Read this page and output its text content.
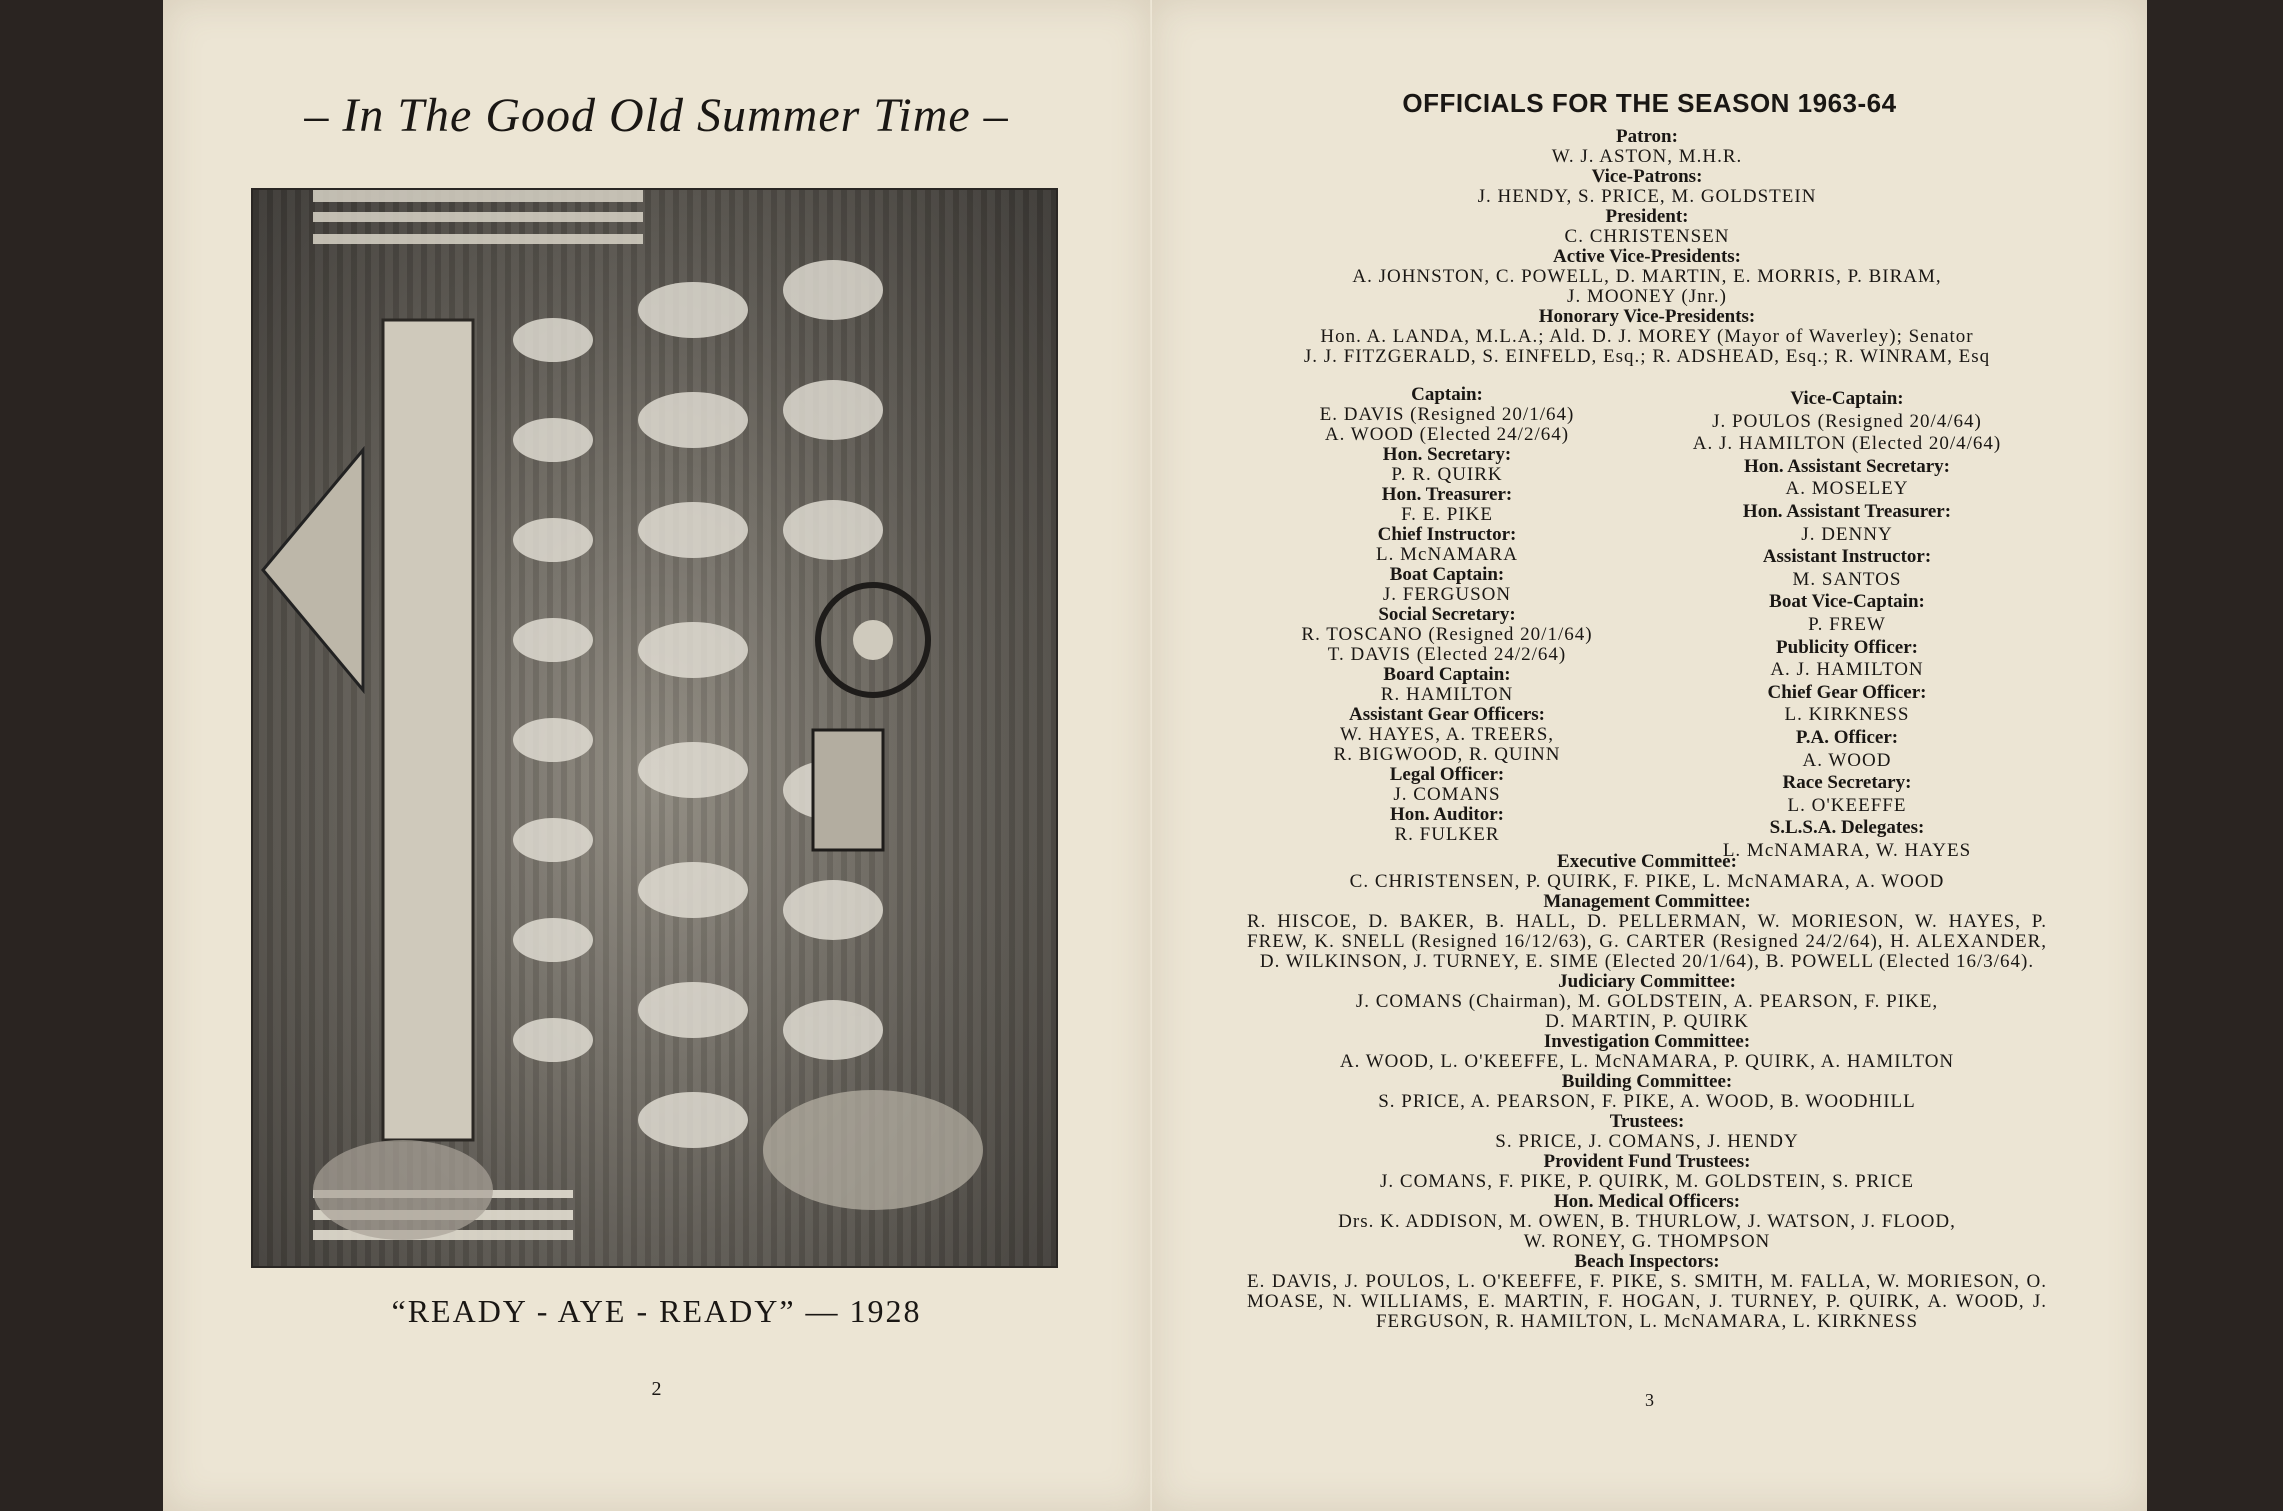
– In The Good Old Summer Time –
“READY - AYE - READY” — 1928
2
OFFICIALS FOR THE SEASON 1963-64
Patron:
W. J. ASTON, M.H.R.
Vice-Patrons:
J. HENDY, S. PRICE, M. GOLDSTEIN
President:
C. CHRISTENSEN
Active Vice-Presidents:
A. JOHNSTON, C. POWELL, D. MARTIN, E. MORRIS, P. BIRAM,
J. MOONEY (Jnr.)
Honorary Vice-Presidents:
Hon. A. LANDA, M.L.A.; Ald. D. J. MOREY (Mayor of Waverley); Senator
J. J. FITZGERALD, S. EINFELD, Esq.; R. ADSHEAD, Esq.; R. WINRAM, Esq
Captain:
E. DAVIS (Resigned 20/1/64)
A. WOOD (Elected 24/2/64)
Hon. Secretary:
P. R. QUIRK
Hon. Treasurer:
F. E. PIKE
Chief Instructor:
L. McNAMARA
Boat Captain:
J. FERGUSON
Social Secretary:
R. TOSCANO (Resigned 20/1/64)
T. DAVIS (Elected 24/2/64)
Board Captain:
R. HAMILTON
Assistant Gear Officers:
W. HAYES, A. TREERS,
R. BIGWOOD, R. QUINN
Legal Officer:
J. COMANS
Hon. Auditor:
R. FULKER
Vice-Captain:
J. POULOS (Resigned 20/4/64)
A. J. HAMILTON (Elected 20/4/64)
Hon. Assistant Secretary:
A. MOSELEY
Hon. Assistant Treasurer:
J. DENNY
Assistant Instructor:
M. SANTOS
Boat Vice-Captain:
P. FREW
Publicity Officer:
A. J. HAMILTON
Chief Gear Officer:
L. KIRKNESS
P.A. Officer:
A. WOOD
Race Secretary:
L. O'KEEFFE
S.L.S.A. Delegates:
L. McNAMARA, W. HAYES
Executive Committee:
C. CHRISTENSEN, P. QUIRK, F. PIKE, L. McNAMARA, A. WOOD
Management Committee:
R. HISCOE, D. BAKER, B. HALL, D. PELLERMAN, W. MORIESON, W. HAYES, P. FREW, K. SNELL (Resigned 16/12/63), G. CARTER (Resigned 24/2/64), H. ALEXANDER, D. WILKINSON, J. TURNEY, E. SIME (Elected 20/1/64), B. POWELL (Elected 16/3/64).
Judiciary Committee:
J. COMANS (Chairman), M. GOLDSTEIN, A. PEARSON, F. PIKE,
D. MARTIN, P. QUIRK
Investigation Committee:
A. WOOD, L. O'KEEFFE, L. McNAMARA, P. QUIRK, A. HAMILTON
Building Committee:
S. PRICE, A. PEARSON, F. PIKE, A. WOOD, B. WOODHILL
Trustees:
S. PRICE, J. COMANS, J. HENDY
Provident Fund Trustees:
J. COMANS, F. PIKE, P. QUIRK, M. GOLDSTEIN, S. PRICE
Hon. Medical Officers:
Drs. K. ADDISON, M. OWEN, B. THURLOW, J. WATSON, J. FLOOD,
W. RONEY, G. THOMPSON
Beach Inspectors:
E. DAVIS, J. POULOS, L. O'KEEFFE, F. PIKE, S. SMITH, M. FALLA, W. MORIESON, O. MOASE, N. WILLIAMS, E. MARTIN, F. HOGAN, J. TURNEY, P. QUIRK, A. WOOD, J. FERGUSON, R. HAMILTON, L. McNAMARA, L. KIRKNESS
3
